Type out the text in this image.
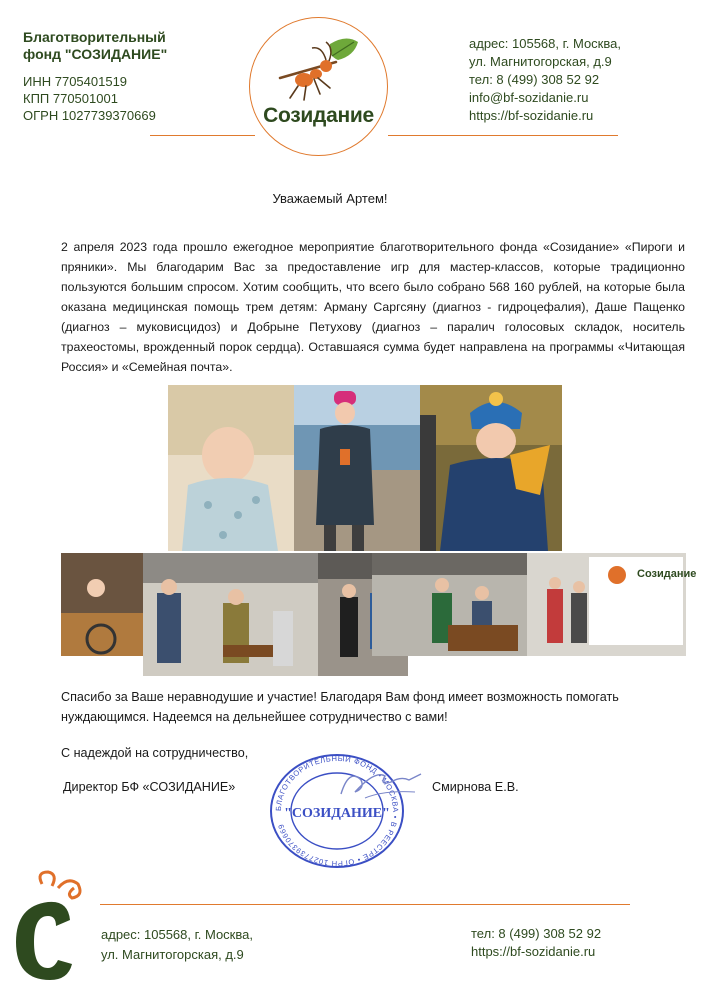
Благотворительный
фонд "СОЗИДАНИЕ"
ИНН 7705401519
КПП 770501001
ОГРН 1027739370669
адрес: 105568, г. Москва,
ул. Магнитогорская, д.9
тел: 8 (499) 308 52 92
info@bf-sozidanie.ru
https://bf-sozidanie.ru
Созидание
Уважаемый Артем!
2 апреля 2023 года прошло ежегодное мероприятие благотворительного фонда «Созидание» «Пироги и пряники». Мы благодарим Вас за предоставление игр для мастер-классов, которые традиционно пользуются большим спросом. Хотим сообщить, что всего было собрано 568 160 рублей, на которые была оказана медицинская помощь трем детям: Арману Саргсяну (диагноз - гидроцефалия), Даше Пащенко (диагноз – муковисцидоз) и Добрыне Петухову (диагноз – паралич голосовых складок, носитель трахеостомы, врожденный порок сердца). Оставшаяся сумма будет направлена на программы «Читающая Россия» и «Семейная почта».
Созидание
Спасибо за Ваше неравнодушие и участие! Благодаря Вам фонд имеет возможность помогать нуждающимся. Надеемся на дельнейшее сотрудничество с вами!
С надеждой на сотрудничество,
Директор БФ «СОЗИДАНИЕ»	Смирнова Е.В.
БЛАГОТВОРИТЕЛЬНЫЙ ФОНД • МОСКВА • В РЕЕСТРЕ • ОГРН 1027739370669
"СОЗИДАНИЕ"
адрес: 105568, г. Москва,
ул. Магнитогорская, д.9
тел: 8 (499) 308 52 92
https://bf-sozidanie.ru
